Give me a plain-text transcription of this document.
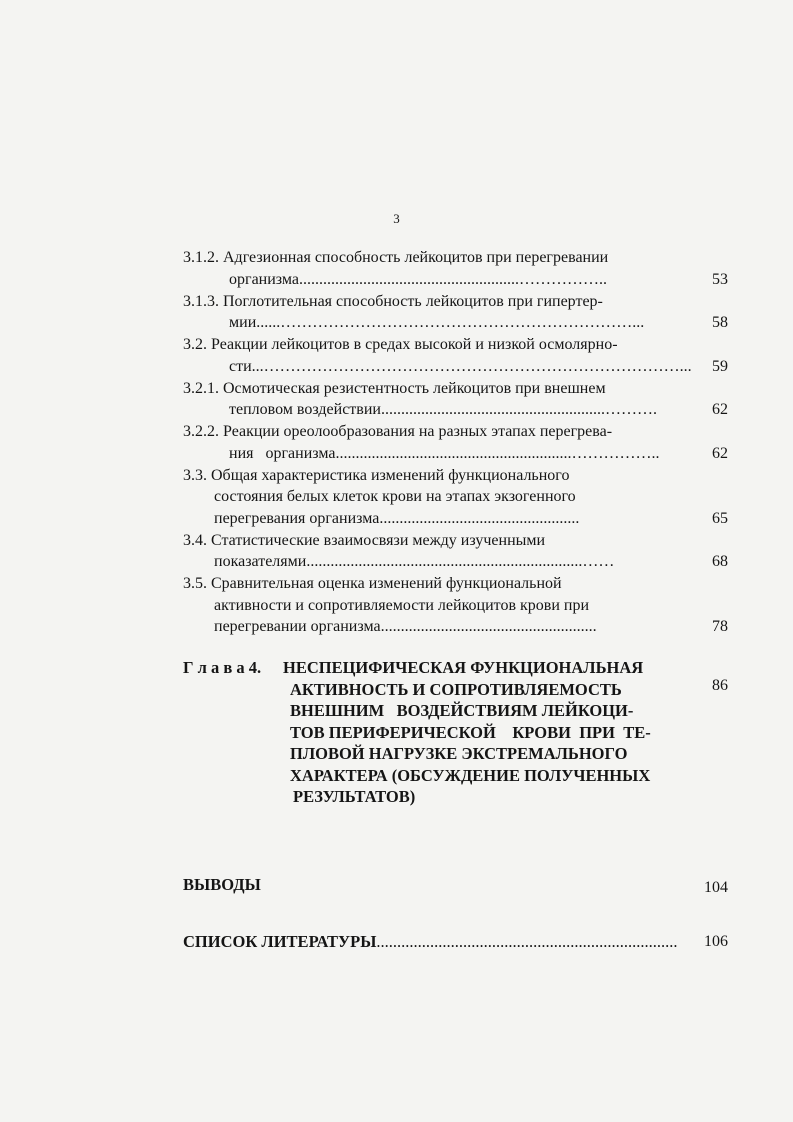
3
3.1.2. Адгезионная способность лейкоцитов при перегревании
организма.......................................................……………..	53
3.1.3. Поглотительная способность лейкоцитов при гипертер-
мии......…………………………………………………………...	58
3.2. Реакции лейкоцитов в средах высокой и низкой осмолярно-
сти...……………………………………………………………………...	59
3.2.1. Осмотическая резистентность лейкоцитов при внешнем
тепловом воздействии........................................................……….	62
3.2.2. Реакции ореолообразования на разных этапах перегрева-
ния   организма...........................................................……………..	62
3.3. Общая характеристика изменений функционального
состояния белых клеток крови на этапах экзогенного
перегревания организма..................................................	65
3.4. Статистические взаимосвязи между изученными
показателями.....................................................................……	68
3.5. Сравнительная оценка изменений функциональной
активности и сопротивляемости лейкоцитов крови при
перегревании организма......................................................	78
Г л а в а 4. НЕСПЕЦИФИЧЕСКАЯ ФУНКЦИОНАЛЬНАЯ
АКТИВНОСТЬ И СОПРОТИВЛЯЕМОСТЬ
ВНЕШНИМ   ВОЗДЕЙСТВИЯМ ЛЕЙКОЦИ-
ТОВ ПЕРИФЕРИЧЕСКОЙ    КРОВИ  ПРИ  ТЕ-
ПЛОВОЙ НАГРУЗКЕ ЭКСТРЕМАЛЬНОГО
ХАРАКТЕРА (ОБСУЖДЕНИЕ ПОЛУЧЕННЫХ
РЕЗУЛЬТАТОВ)
86
ВЫВОДЫ	104
СПИСОК ЛИТЕРАТУРЫ......................................................................... 106
